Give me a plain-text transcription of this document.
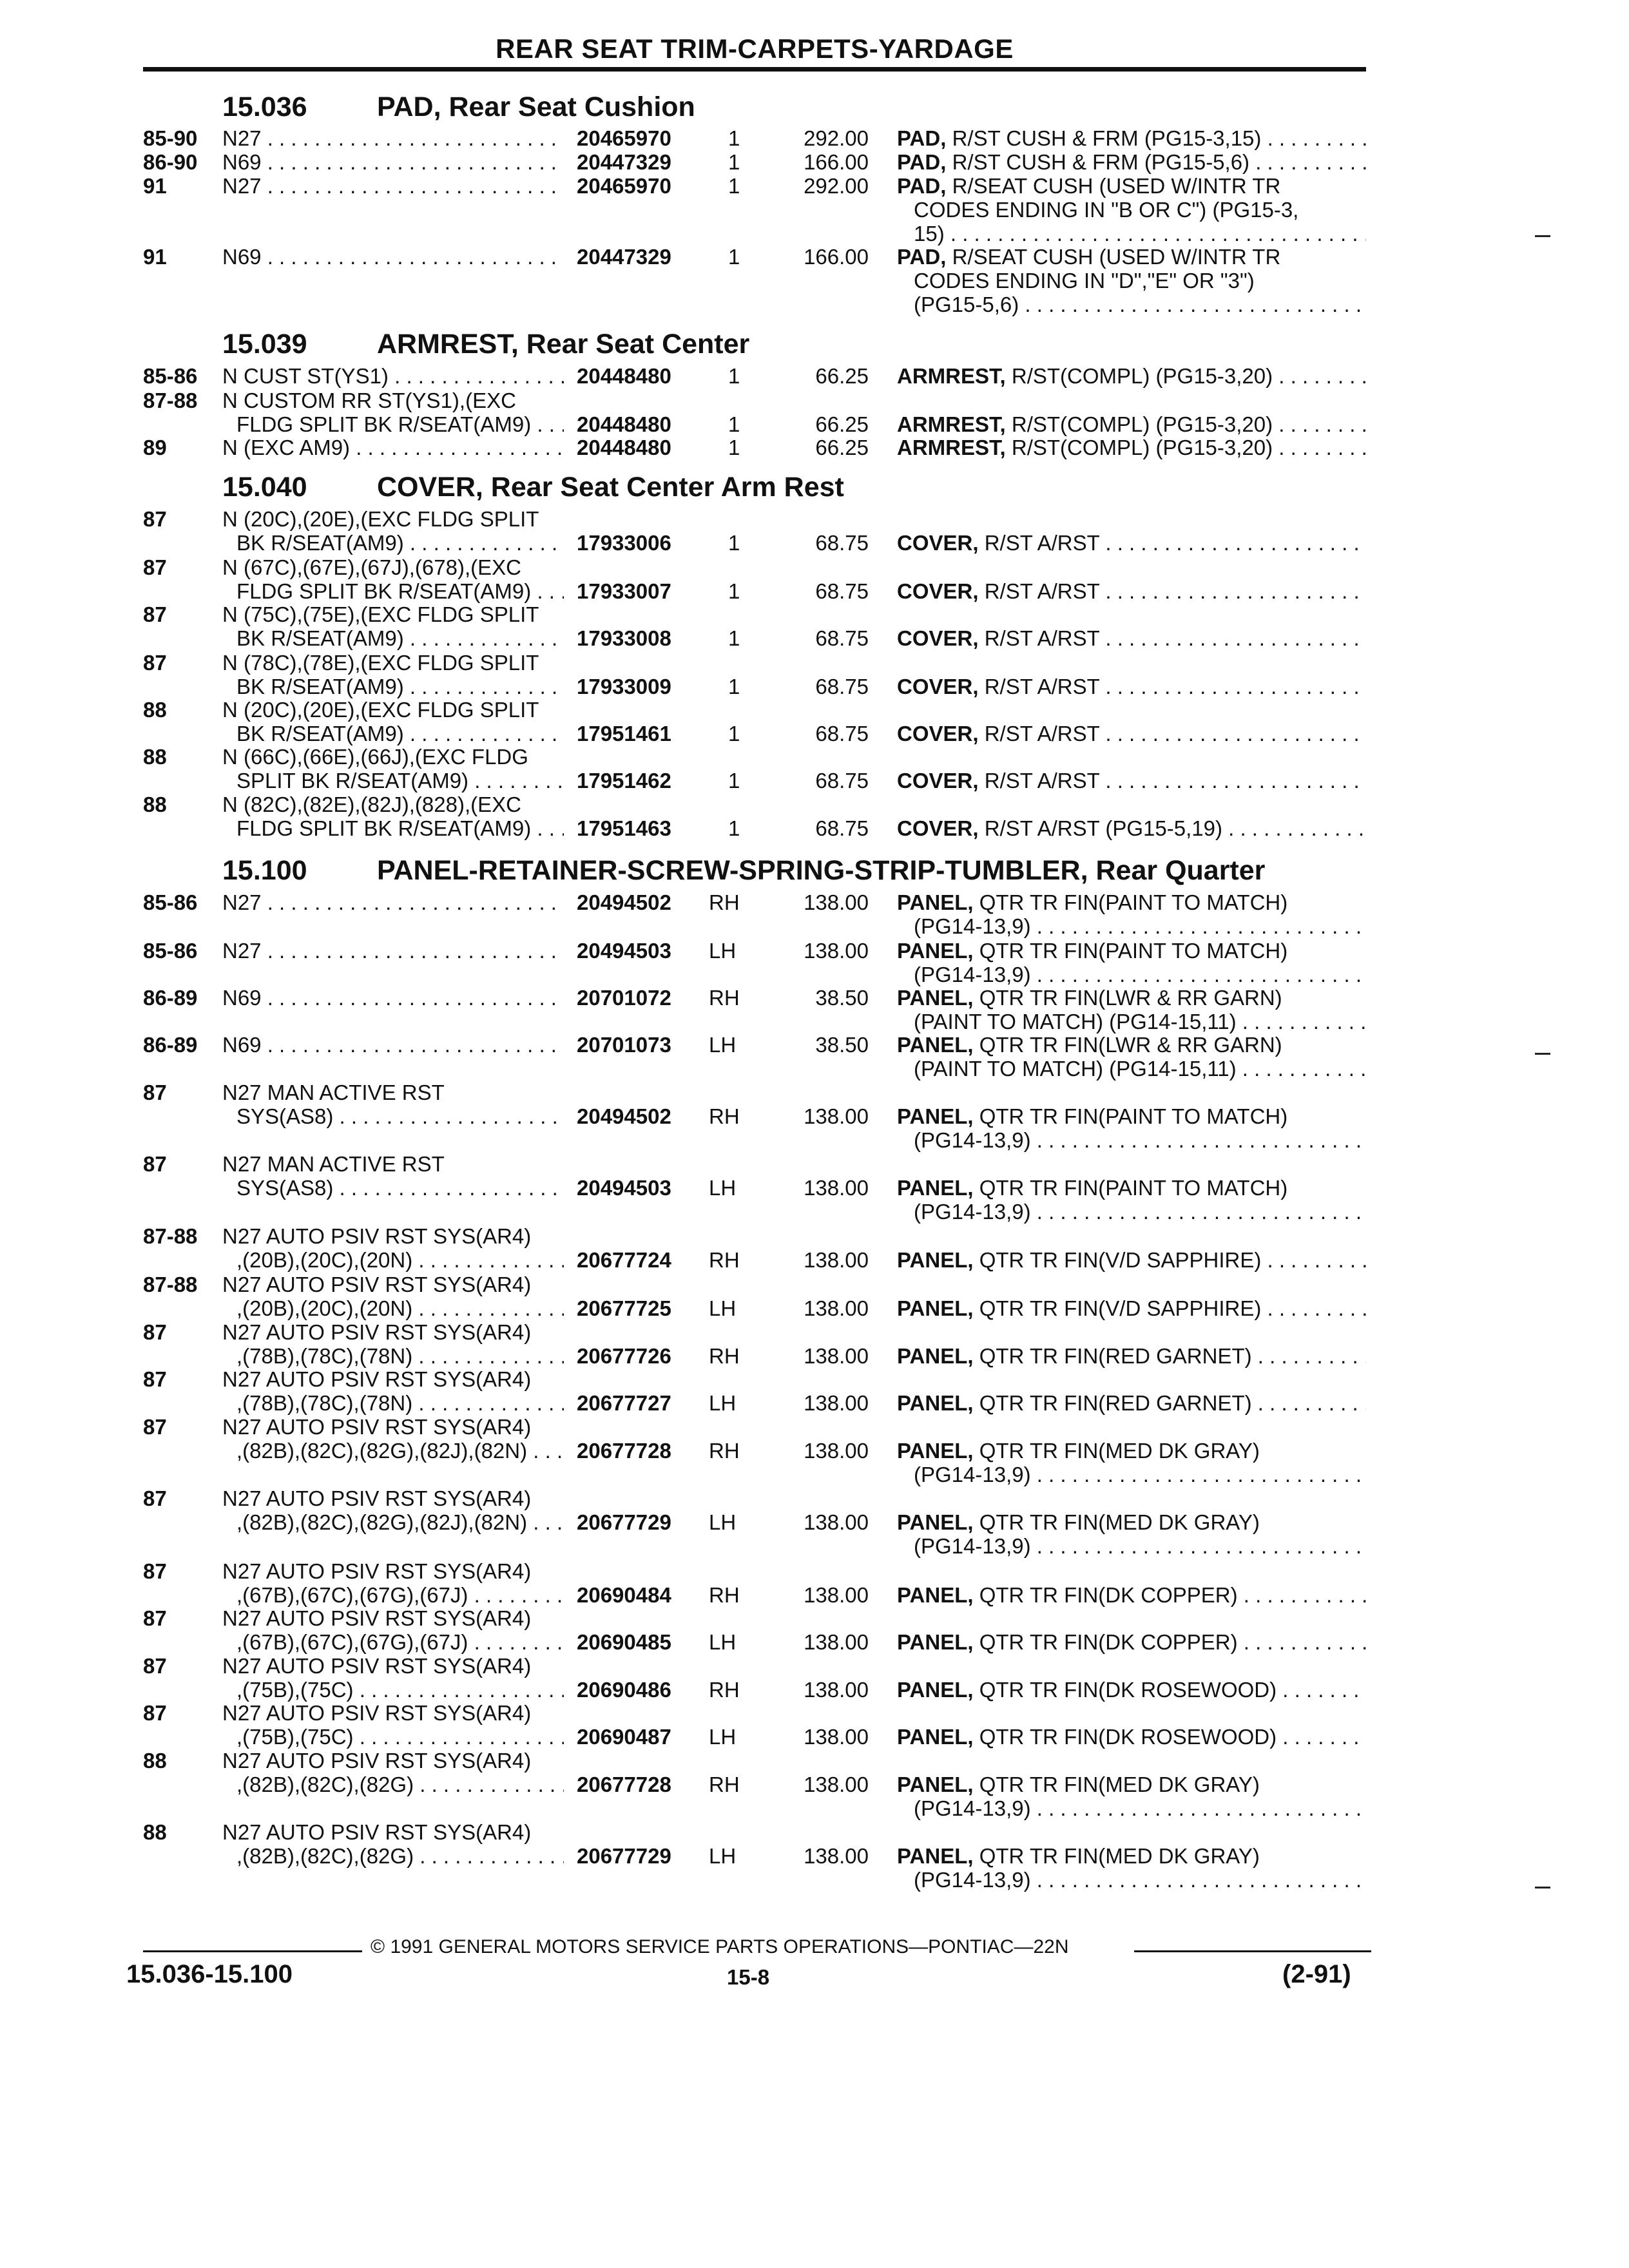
REAR SEAT TRIM-CARPETS-YARDAGE
15.036	PAD, Rear Seat Cushion
85-90 N27 . . .	20465970	1	292.00 PAD, R/ST CUSH & FRM (PG15-3,15) . . .
86-90 N69 . . .	20447329	1	166.00 PAD, R/ST CUSH & FRM (PG15-5,6) . . .
91	N27 . . .	20465970	1	292.00 PAD, R/SEAT CUSH (USED W/INTR TR
CODES ENDING IN "B OR C") (PG15-3,
15) . . .
91	N69 . . .	20447329	1	166.00 PAD, R/SEAT CUSH (USED W/INTR TR
CODES ENDING IN "D","E" OR "3")
(PG15-5,6) . . .
15.039	ARMREST, Rear Seat Center
85-86 N CUST ST(YS1) . . .	20448480	1	66.25 ARMREST, R/ST(COMPL) (PG15-3,20) . . .
87-88 N CUSTOM RR ST(YS1),(EXC
FLDG SPLIT BK R/SEAT(AM9) . . .	20448480	1	66.25 ARMREST, R/ST(COMPL) (PG15-3,20) . . .
89	N (EXC AM9) . . .	20448480	1	66.25 ARMREST, R/ST(COMPL) (PG15-3,20) . . .
15.040	COVER, Rear Seat Center Arm Rest
87	N (20C),(20E),(EXC FLDG SPLIT
BK R/SEAT(AM9) . . .	17933006	1	68.75 COVER, R/ST A/RST . . .
87	N (67C),(67E),(67J),(678),(EXC
FLDG SPLIT BK R/SEAT(AM9) . . .	17933007	1	68.75 COVER, R/ST A/RST . . .
87	N (75C),(75E),(EXC FLDG SPLIT
BK R/SEAT(AM9) . . .	17933008	1	68.75 COVER, R/ST A/RST . . .
87	N (78C),(78E),(EXC FLDG SPLIT
BK R/SEAT(AM9) . . .	17933009	1	68.75 COVER, R/ST A/RST . . .
88	N (20C),(20E),(EXC FLDG SPLIT
BK R/SEAT(AM9) . . .	17951461	1	68.75 COVER, R/ST A/RST . . .
88	N (66C),(66E),(66J),(EXC FLDG
SPLIT BK R/SEAT(AM9) . . .	17951462	1	68.75 COVER, R/ST A/RST . . .
88	N (82C),(82E),(82J),(828),(EXC
FLDG SPLIT BK R/SEAT(AM9) . . .	17951463	1	68.75 COVER, R/ST A/RST (PG15-5,19) . . .
15.100	PANEL-RETAINER-SCREW-SPRING-STRIP-TUMBLER, Rear Quarter
85-86 N27 . . .	20494502	RH	138.00 PANEL, QTR TR FIN(PAINT TO MATCH)
(PG14-13,9) . . .
85-86 N27 . . .	20494503	LH	138.00 PANEL, QTR TR FIN(PAINT TO MATCH)
(PG14-13,9) . . .
86-89 N69 . . .	20701072	RH	38.50 PANEL, QTR TR FIN(LWR & RR GARN)
(PAINT TO MATCH) (PG14-15,11) . . .
86-89 N69 . . .	20701073	LH	38.50 PANEL, QTR TR FIN(LWR & RR GARN)
(PAINT TO MATCH) (PG14-15,11) . . .
87	N27 MAN ACTIVE RST
SYS(AS8) . . .	20494502	RH	138.00 PANEL, QTR TR FIN(PAINT TO MATCH)
(PG14-13,9) . . .
87	N27 MAN ACTIVE RST
SYS(AS8) . . .	20494503	LH	138.00 PANEL, QTR TR FIN(PAINT TO MATCH)
(PG14-13,9) . . .
87-88 N27 AUTO PSIV RST SYS(AR4)
,(20B),(20C),(20N) . . .	20677724	RH	138.00 PANEL, QTR TR FIN(V/D SAPPHIRE) . . .
87-88 N27 AUTO PSIV RST SYS(AR4)
,(20B),(20C),(20N) . . .	20677725	LH	138.00 PANEL, QTR TR FIN(V/D SAPPHIRE) . . .
87	N27 AUTO PSIV RST SYS(AR4)
,(78B),(78C),(78N) . . .	20677726	RH	138.00 PANEL, QTR TR FIN(RED GARNET) . . .
87	N27 AUTO PSIV RST SYS(AR4)
,(78B),(78C),(78N) . . .	20677727	LH	138.00 PANEL, QTR TR FIN(RED GARNET) . . .
87	N27 AUTO PSIV RST SYS(AR4)
,(82B),(82C),(82G),(82J),(82N) . . .	20677728	RH	138.00 PANEL, QTR TR FIN(MED DK GRAY)
(PG14-13,9) . . .
87	N27 AUTO PSIV RST SYS(AR4)
,(82B),(82C),(82G),(82J),(82N) . . .	20677729	LH	138.00 PANEL, QTR TR FIN(MED DK GRAY)
(PG14-13,9) . . .
87	N27 AUTO PSIV RST SYS(AR4)
,(67B),(67C),(67G),(67J) . . .	20690484	RH	138.00 PANEL, QTR TR FIN(DK COPPER) . . .
87	N27 AUTO PSIV RST SYS(AR4)
,(67B),(67C),(67G),(67J) . . .	20690485	LH	138.00 PANEL, QTR TR FIN(DK COPPER) . . .
87	N27 AUTO PSIV RST SYS(AR4)
,(75B),(75C) . . .	20690486	RH	138.00 PANEL, QTR TR FIN(DK ROSEWOOD) . . .
87	N27 AUTO PSIV RST SYS(AR4)
,(75B),(75C) . . .	20690487	LH	138.00 PANEL, QTR TR FIN(DK ROSEWOOD) . . .
88	N27 AUTO PSIV RST SYS(AR4)
,(82B),(82C),(82G) . . .	20677728	RH	138.00 PANEL, QTR TR FIN(MED DK GRAY)
(PG14-13,9) . . .
88	N27 AUTO PSIV RST SYS(AR4)
,(82B),(82C),(82G) . . .	20677729	LH	138.00 PANEL, QTR TR FIN(MED DK GRAY)
(PG14-13,9) . . .
© 1991 GENERAL MOTORS SERVICE PARTS OPERATIONS—PONTIAC—22N
15.036-15.100	15-8	(2-91)
